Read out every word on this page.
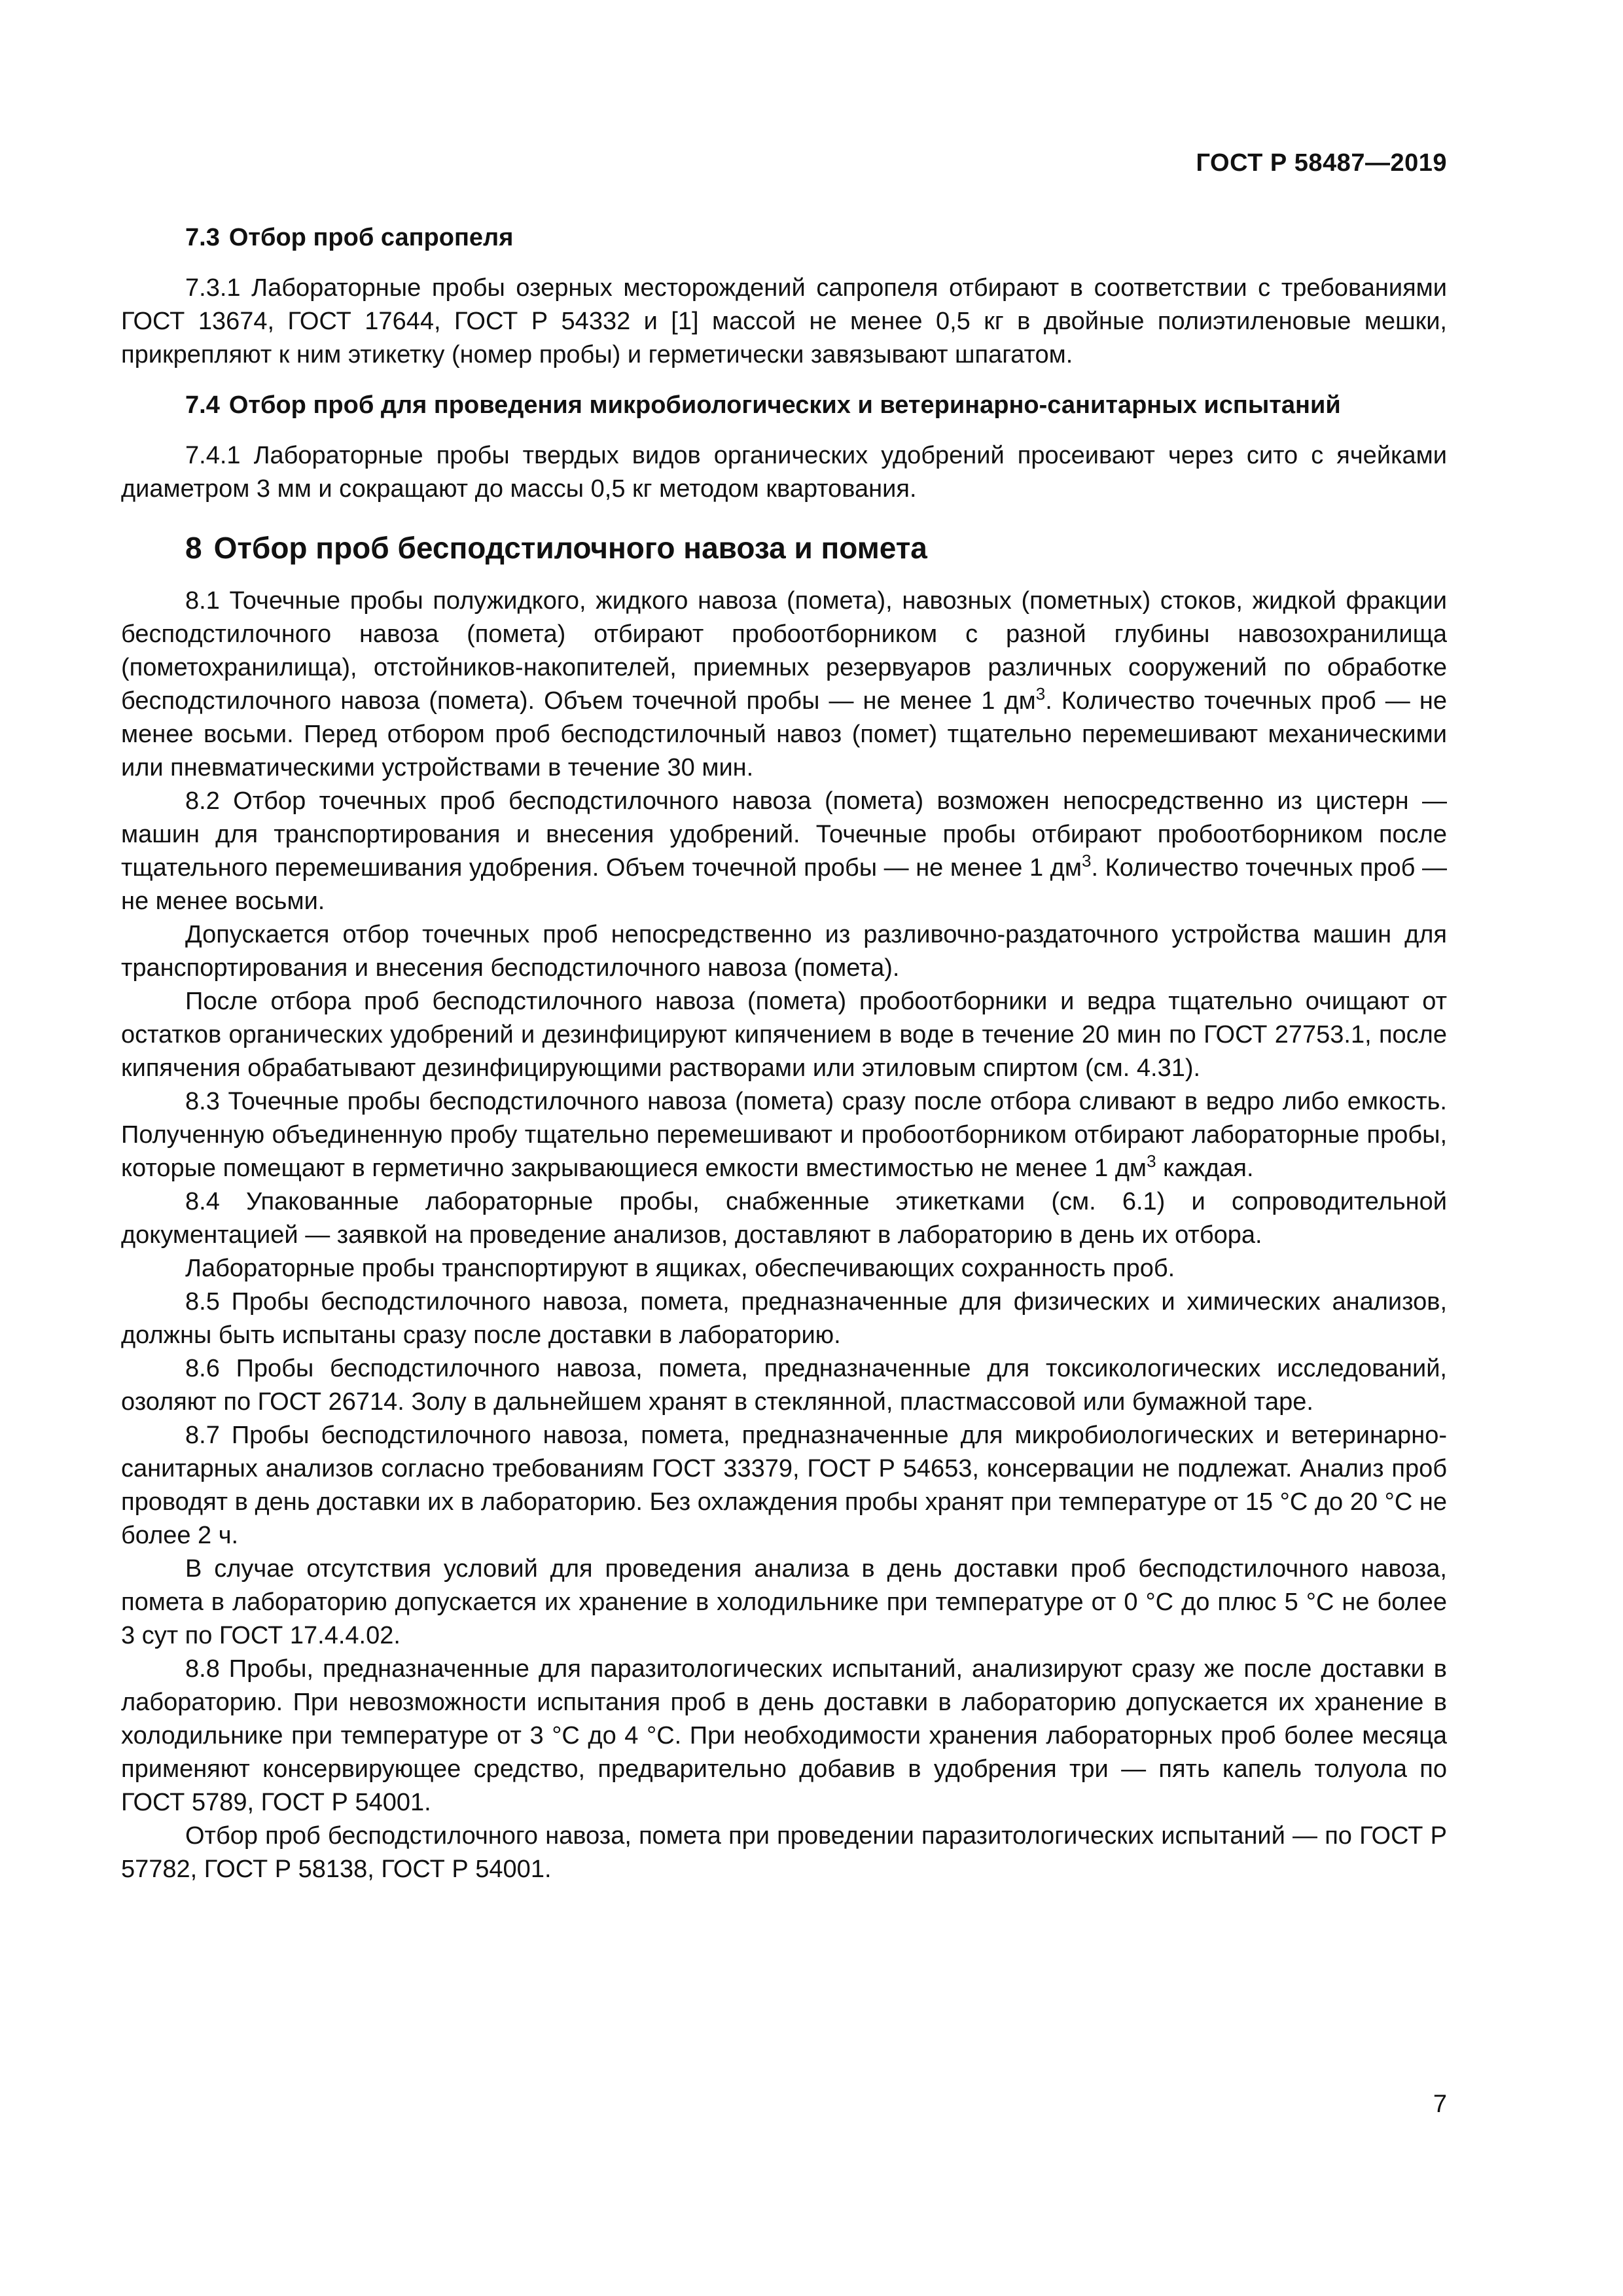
ГОСТ Р 58487—2019
7.3 Отбор проб сапропеля

7.3.1 Лабораторные пробы озерных месторождений сапропеля отбирают в соответствии с требованиями ГОСТ 13674, ГОСТ 17644, ГОСТ Р 54332 и [1] массой не менее 0,5 кг в двойные полиэтиленовые мешки, прикрепляют к ним этикетку (номер пробы) и герметически завязывают шпагатом.

7.4 Отбор проб для проведения микробиологических и ветеринарно-санитарных испытаний

7.4.1 Лабораторные пробы твердых видов органических удобрений просеивают через сито с ячейками диаметром 3 мм и сокращают до массы 0,5 кг методом квартования.

8 Отбор проб бесподстилочного навоза и помета

8.1 Точечные пробы полужидкого, жидкого навоза (помета), навозных (пометных) стоков, жидкой фракции бесподстилочного навоза (помета) отбирают пробоотборником с разной глубины навозохранилища (пометохранилища), отстойников-накопителей, приемных резервуаров различных сооружений по обработке бесподстилочного навоза (помета). Объем точечной пробы — не менее 1 $дм^3$. Количество точечных проб — не менее восьми. Перед отбором проб бесподстилочный навоз (помет) тщательно перемешивают механическими или пневматическими устройствами в течение 30 мин.

8.2 Отбор точечных проб бесподстилочного навоза (помета) возможен непосредственно из цистерн — машин для транспортирования и внесения удобрений. Точечные пробы отбирают пробоотборником после тщательного перемешивания удобрения. Объем точечной пробы — не менее 1 $дм^3$. Количество точечных проб — не менее восьми.

Допускается отбор точечных проб непосредственно из разливочно-раздаточного устройства машин для транспортирования и внесения бесподстилочного навоза (помета).

После отбора проб бесподстилочного навоза (помета) пробоотборники и ведра тщательно очищают от остатков органических удобрений и дезинфицируют кипячением в воде в течение 20 мин по ГОСТ 27753.1, после кипячения обрабатывают дезинфицирующими растворами или этиловым спиртом (см. 4.31).

8.3 Точечные пробы бесподстилочного навоза (помета) сразу после отбора сливают в ведро либо емкость. Полученную объединенную пробу тщательно перемешивают и пробоотборником отбирают лабораторные пробы, которые помещают в герметично закрывающиеся емкости вместимостью не менее 1 $дм^3$ каждая.

8.4 Упакованные лабораторные пробы, снабженные этикетками (см. 6.1) и сопроводительной документацией — заявкой на проведение анализов, доставляют в лабораторию в день их отбора.

Лабораторные пробы транспортируют в ящиках, обеспечивающих сохранность проб.

8.5 Пробы бесподстилочного навоза, помета, предназначенные для физических и химических анализов, должны быть испытаны сразу после доставки в лабораторию.

8.6 Пробы бесподстилочного навоза, помета, предназначенные для токсикологических исследований, озоляют по ГОСТ 26714. Золу в дальнейшем хранят в стеклянной, пластмассовой или бумажной таре.

8.7 Пробы бесподстилочного навоза, помета, предназначенные для микробиологических и ветеринарно-санитарных анализов согласно требованиям ГОСТ 33379, ГОСТ Р 54653, консервации не подлежат. Анализ проб проводят в день доставки их в лабораторию. Без охлаждения пробы хранят при температуре от 15 °С до 20 °С не более 2 ч.

В случае отсутствия условий для проведения анализа в день доставки проб бесподстилочного навоза, помета в лабораторию допускается их хранение в холодильнике при температуре от 0 °С до плюс 5 °С не более 3 сут по ГОСТ 17.4.4.02.

8.8 Пробы, предназначенные для паразитологических испытаний, анализируют сразу же после доставки в лабораторию. При невозможности испытания проб в день доставки в лабораторию допускается их хранение в холодильнике при температуре от 3 °С до 4 °С. При необходимости хранения лабораторных проб более месяца применяют консервирующее средство, предварительно добавив в удобрения три — пять капель толуола по ГОСТ 5789, ГОСТ Р 54001.

Отбор проб бесподстилочного навоза, помета при проведении паразитологических испытаний — по ГОСТ Р 57782, ГОСТ Р 58138, ГОСТ Р 54001.

7
